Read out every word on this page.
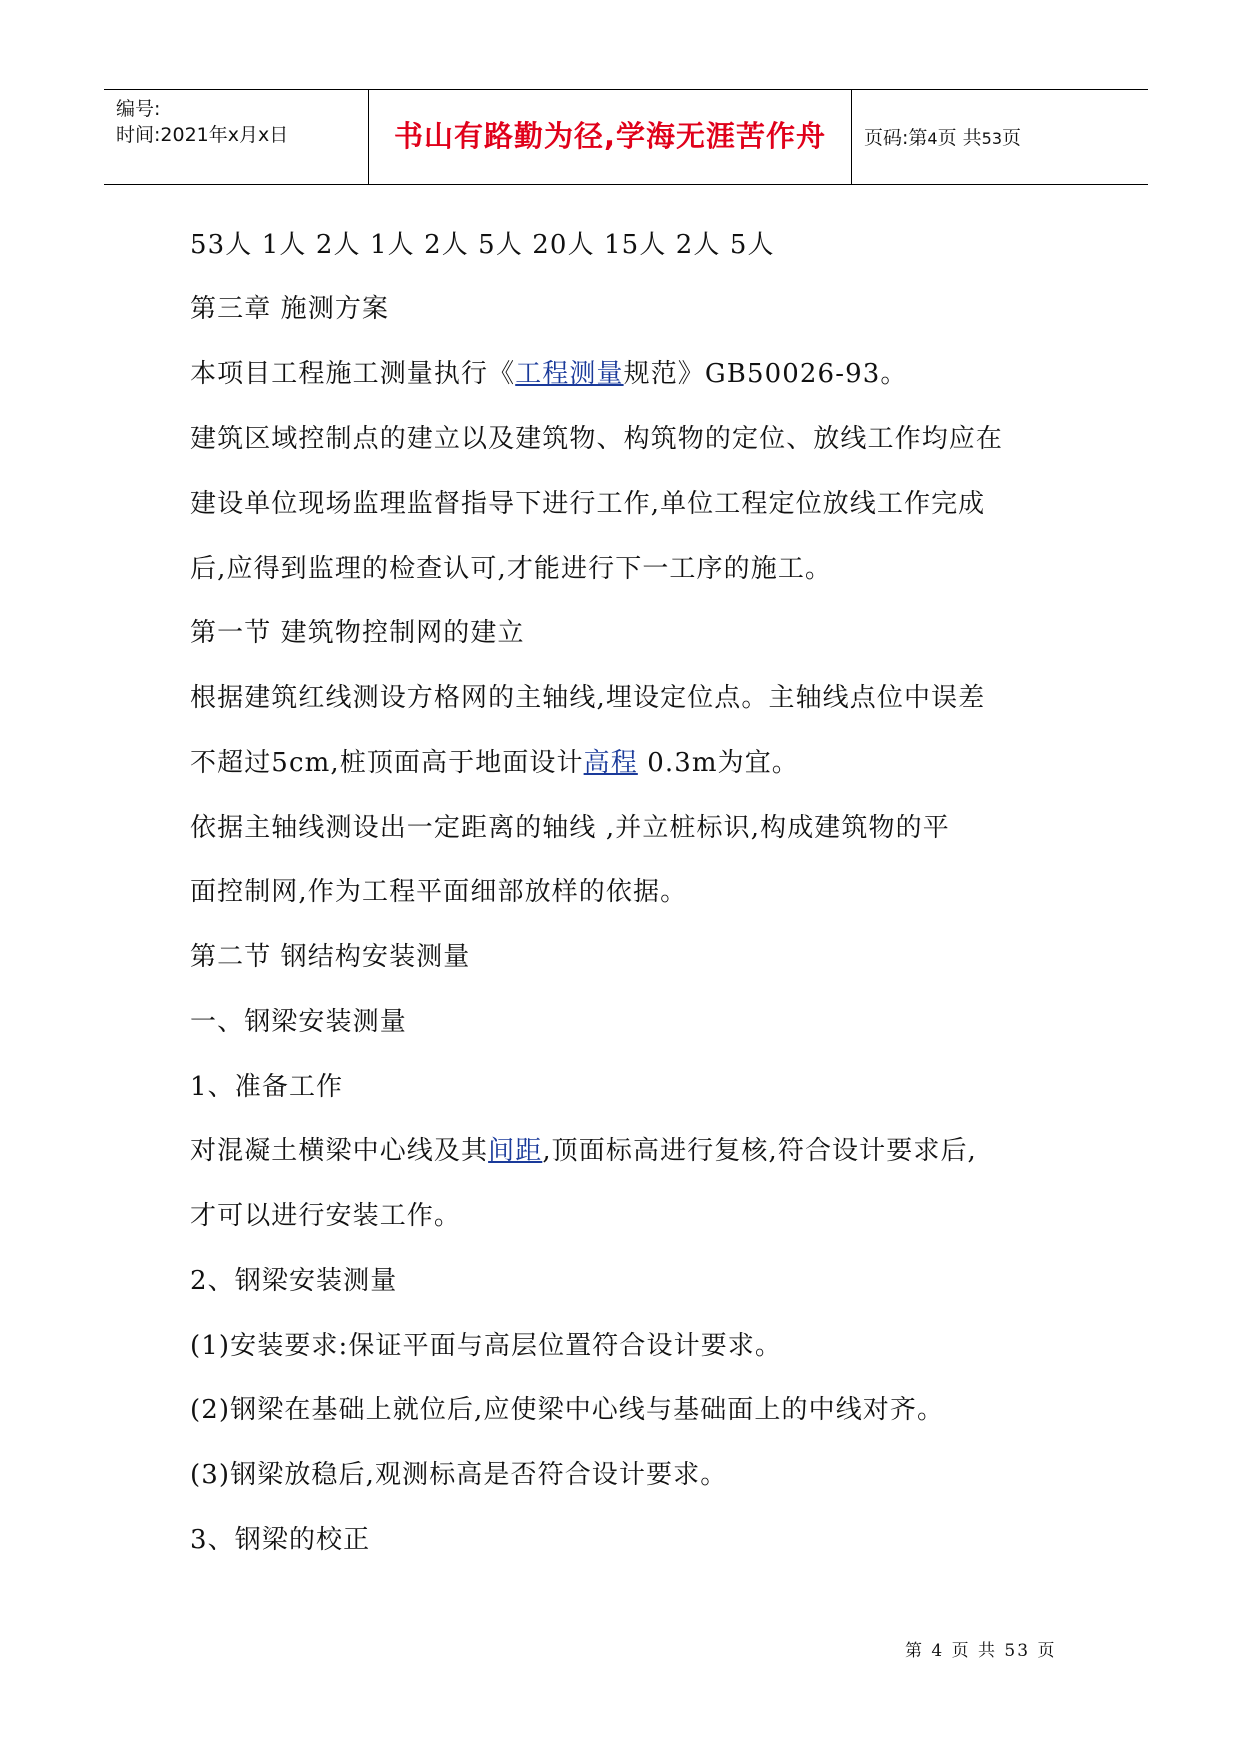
编号:
时间:2021年x月x日	书山有路勤为径,学海无涯苦作舟	页码:第4页 共53页
53人 1人 2人 1人 2人 5人 20人 15人 2人 5人
第三章 施测方案
本项目工程施工测量执行《工程测量规范》GB50026-93。
建筑区域控制点的建立以及建筑物、构筑物的定位、放线工作均应在
建设单位现场监理监督指导下进行工作,单位工程定位放线工作完成
后,应得到监理的检查认可,才能进行下一工序的施工。
第一节 建筑物控制网的建立
根据建筑红线测设方格网的主轴线,埋设定位点。主轴线点位中误差
不超过5cm,桩顶面高于地面设计高程 0.3m为宜。
依据主轴线测设出一定距离的轴线 ,并立桩标识,构成建筑物的平
面控制网,作为工程平面细部放样的依据。
第二节 钢结构安装测量
一、钢梁安装测量
1、准备工作
对混凝土横梁中心线及其间距,顶面标高进行复核,符合设计要求后,
才可以进行安装工作。
2、钢梁安装测量
(1)安装要求:保证平面与高层位置符合设计要求。
(2)钢梁在基础上就位后,应使梁中心线与基础面上的中线对齐。
(3)钢梁放稳后,观测标高是否符合设计要求。
3、钢梁的校正
第 4 页 共 53 页
